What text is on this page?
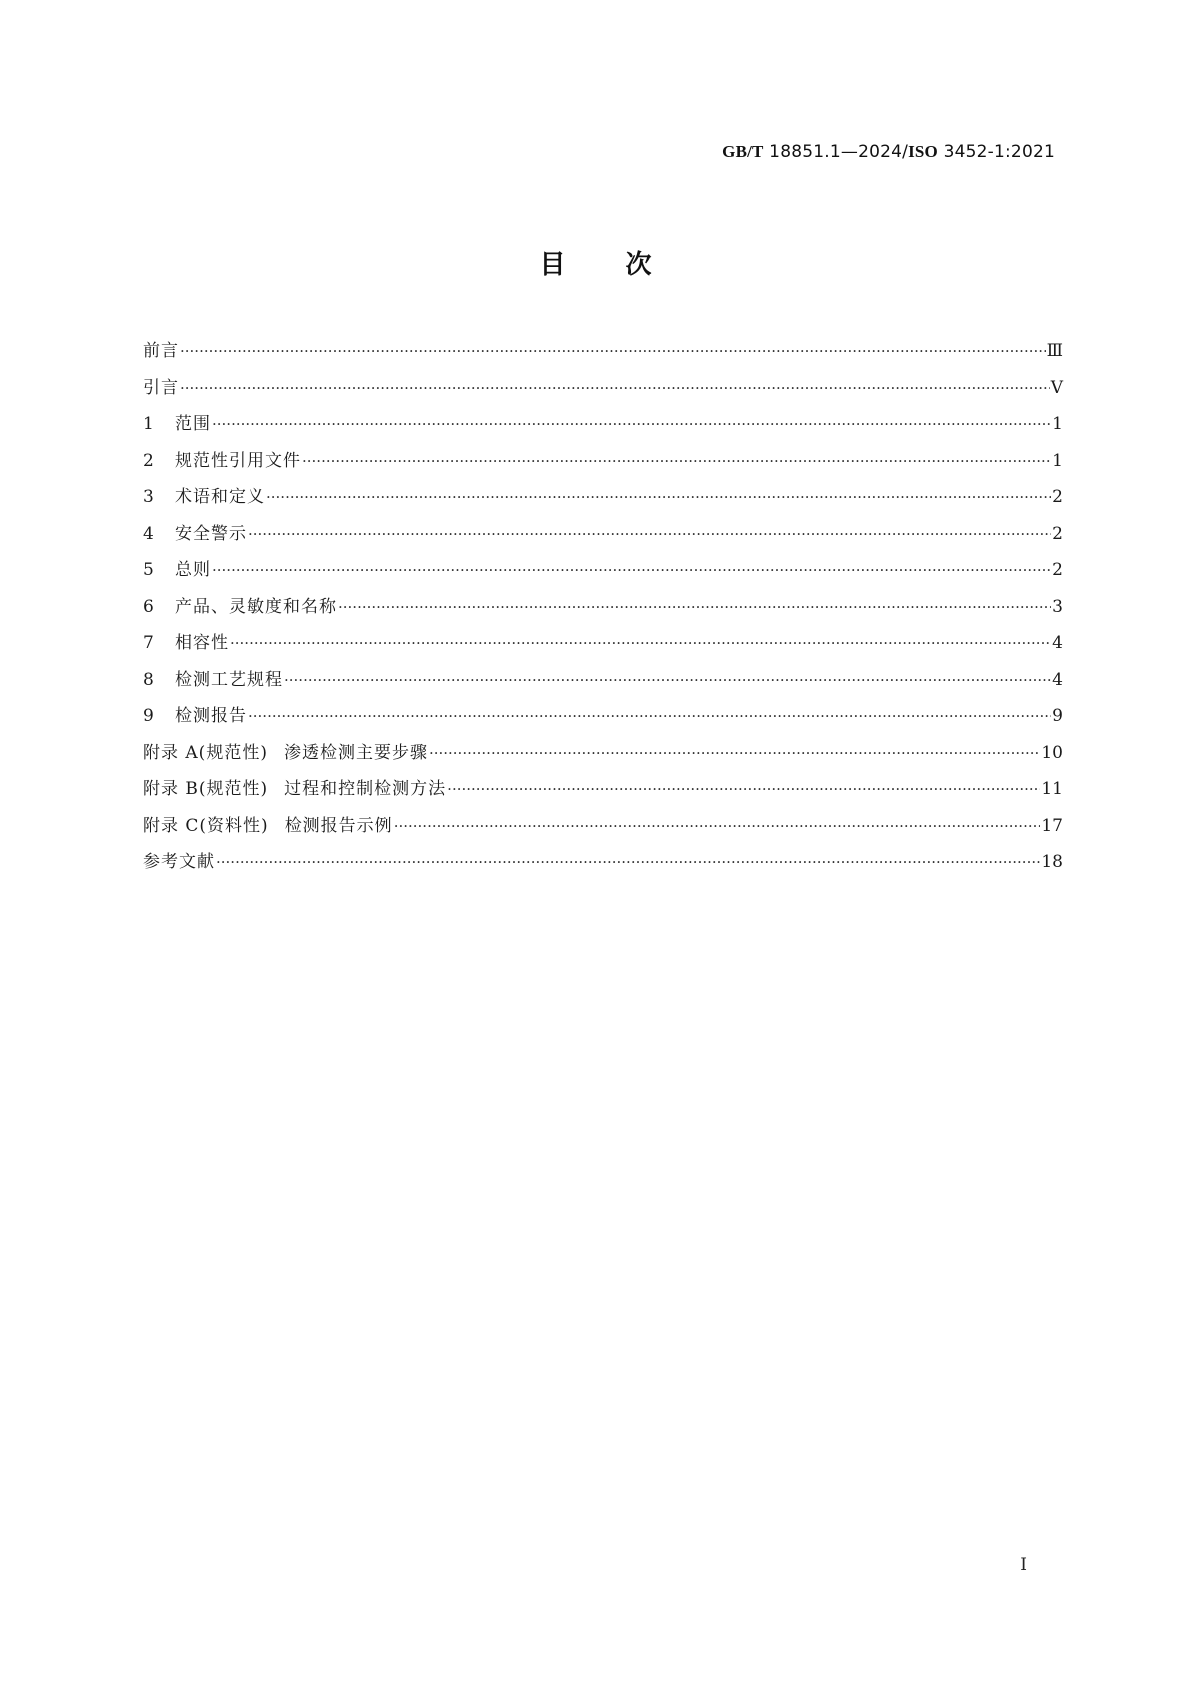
GB/T 18851.1—2024/ISO 3452-1:2021
目 次
前言 ·····	Ⅲ
引言 ·····	Ⅴ
1	范围 ·····	1
2	规范性引用文件 ·····	1
3	术语和定义 ·····	2
4	安全警示 ·····	2
5	总则 ·····	2
6	产品、灵敏度和名称 ·····	3
7	相容性 ·····	4
8	检测工艺规程 ·····	4
9	检测报告 ·····	9
附录 A(规范性) 渗透检测主要步骤 ·····	10
附录 B(规范性) 过程和控制检测方法 ·····	11
附录 C(资料性) 检测报告示例 ·····	17
参考文献 ·····	18
Ⅰ
